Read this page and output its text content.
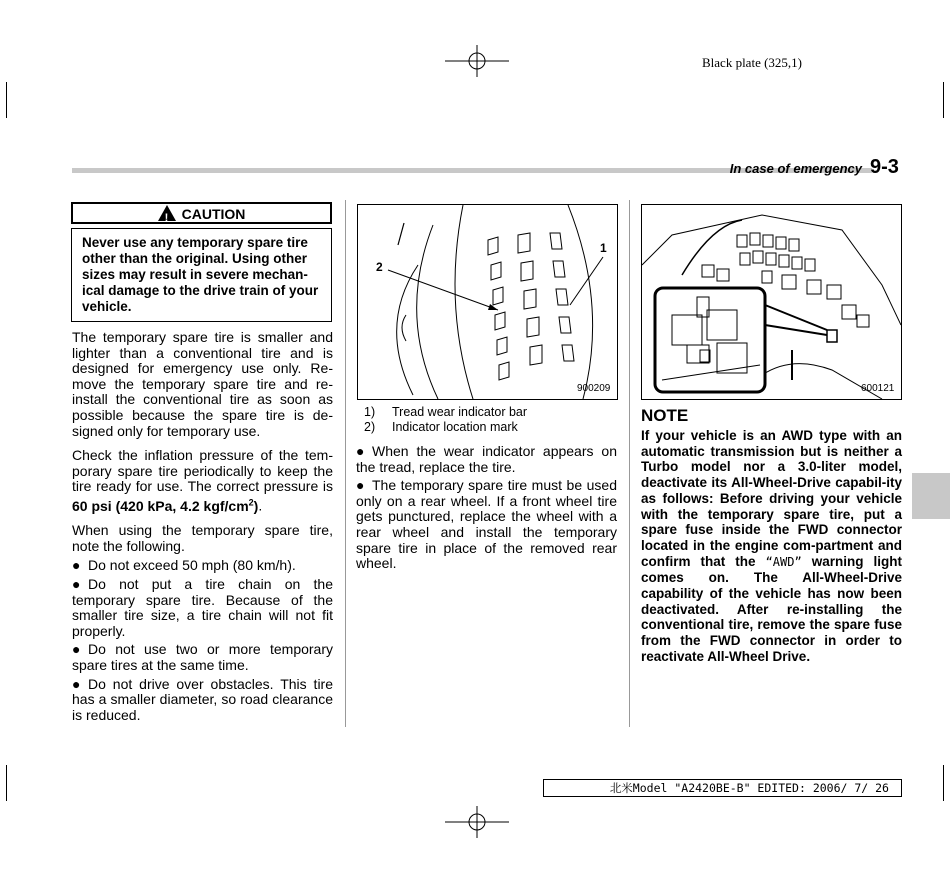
Black plate (325,1)
In case of emergency 9-3
! CAUTION
Never use any temporary spare tire other than the original. Using other sizes may result in severe mechan-ical damage to the drive train of your vehicle.

The temporary spare tire is smaller and lighter than a conventional tire and is designed for emergency use only. Re-move the temporary spare tire and re-install the conventional tire as soon as possible because the spare tire is de-signed only for temporary use.

Check the inflation pressure of the tem-porary spare tire periodically to keep the tire ready for use. The correct pressure is 60 psi (420 kPa, 4.2 kgf/$cm^2$).

When using the temporary spare tire, note the following.

● Do not exceed 50 mph (80 km/h).

● Do not put a tire chain on the temporary spare tire. Because of the smaller tire size, a tire chain will not fit properly.

● Do not use two or more temporary spare tires at the same time.

● Do not drive over obstacles. This tire has a smaller diameter, so road clearance is reduced.

2
1
900209
1) Tread wear indicator bar
2) Indicator location mark

● When the wear indicator appears on the tread, replace the tire.

● The temporary spare tire must be used only on a rear wheel. If a front wheel tire gets punctured, replace the wheel with a rear wheel and install the temporary spare tire in place of the removed rear wheel.

600121
NOTE
If your vehicle is an AWD type with an automatic transmission but is neither a Turbo model nor a 3.0-liter model, deactivate its All-Wheel-Drive capabil-ity as follows: Before driving your vehicle with the temporary spare tire, put a spare fuse inside the FWD connector located in the engine com-partment and confirm that the “AWD” warning light comes on. The All-Wheel-Drive capability of the vehicle has now been deactivated. After re-installing the conventional tire, remove the spare fuse from the FWD connector in order to reactivate All-Wheel Drive.
北米Model "A2420BE-B" EDITED: 2006/ 7/ 26
